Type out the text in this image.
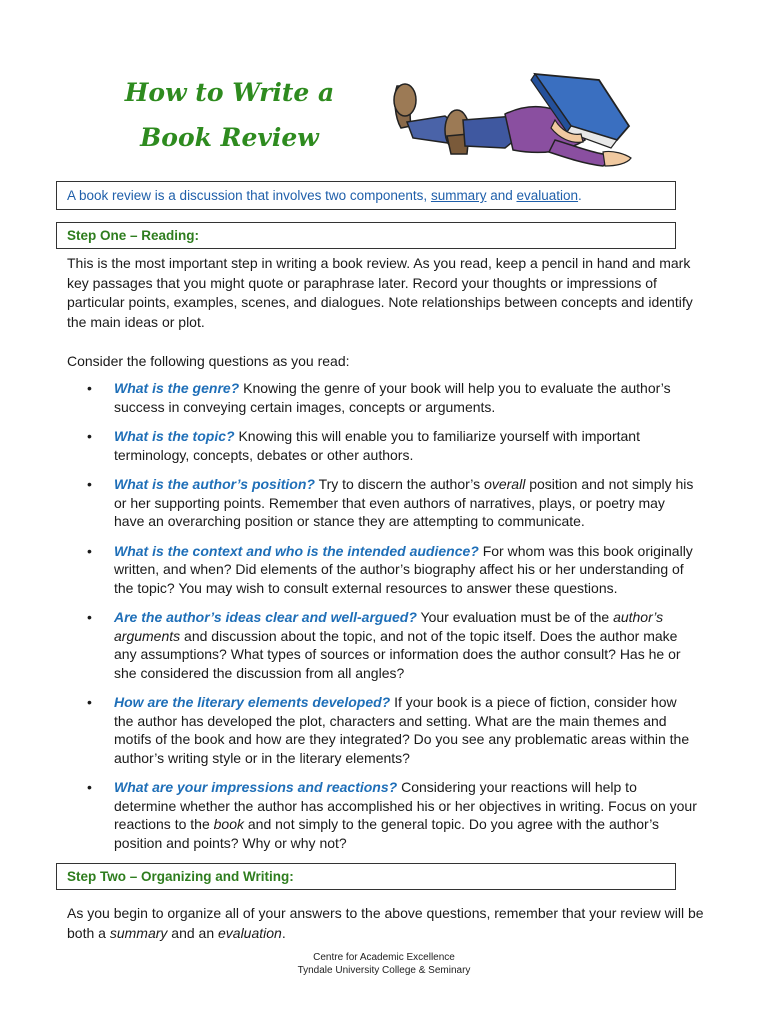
How to Write a
Book Review
A book review is a discussion that involves two components, summary and evaluation.
Step One – Reading:
This is the most important step in writing a book review. As you read, keep a pencil in hand and mark key passages that you might quote or paraphrase later. Record your thoughts or impressions of particular points, examples, scenes, and dialogues. Note relationships between concepts and identify the main ideas or plot.
Consider the following questions as you read:
• What is the genre? Knowing the genre of your book will help you to evaluate the author’s success in conveying certain images, concepts or arguments.
• What is the topic? Knowing this will enable you to familiarize yourself with important terminology, concepts, debates or other authors.
• What is the author’s position? Try to discern the author’s overall position and not simply his or her supporting points. Remember that even authors of narratives, plays, or poetry may have an overarching position or stance they are attempting to communicate.
• What is the context and who is the intended audience? For whom was this book originally written, and when? Did elements of the author’s biography affect his or her understanding of the topic? You may wish to consult external resources to answer these questions.
• Are the author’s ideas clear and well-argued? Your evaluation must be of the author’s arguments and discussion about the topic, and not of the topic itself. Does the author make any assumptions? What types of sources or information does the author consult? Has he or she considered the discussion from all angles?
• How are the literary elements developed? If your book is a piece of fiction, consider how the author has developed the plot, characters and setting. What are the main themes and motifs of the book and how are they integrated? Do you see any problematic areas within the author’s writing style or in the literary elements?
• What are your impressions and reactions? Considering your reactions will help to determine whether the author has accomplished his or her objectives in writing. Focus on your reactions to the book and not simply to the general topic. Do you agree with the author’s position and points? Why or why not?
Step Two – Organizing and Writing:
As you begin to organize all of your answers to the above questions, remember that your review will be both a summary and an evaluation.
Centre for Academic Excellence
Tyndale University College & Seminary
